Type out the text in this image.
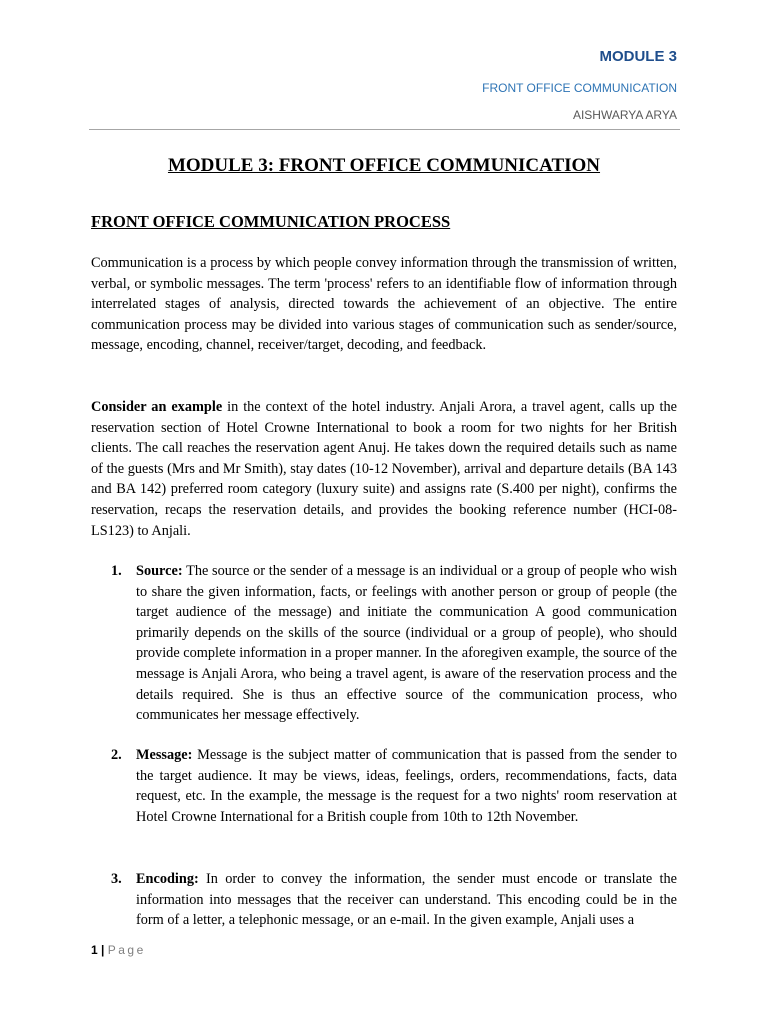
MODULE 3
FRONT OFFICE COMMUNICATION
AISHWARYA ARYA
MODULE 3: FRONT OFFICE COMMUNICATION
FRONT OFFICE COMMUNICATION PROCESS

Communication is a process by which people convey information through the transmission of written, verbal, or symbolic messages. The term 'process' refers to an identifiable flow of information through interrelated stages of analysis, directed towards the achievement of an objective. The entire communication process may be divided into various stages of communication such as sender/source, message, encoding, channel, receiver/target, decoding, and feedback.

Consider an example in the context of the hotel industry. Anjali Arora, a travel agent, calls up the reservation section of Hotel Crowne International to book a room for two nights for her British clients. The call reaches the reservation agent Anuj. He takes down the required details such as name of the guests (Mrs and Mr Smith), stay dates (10-12 November), arrival and departure details (BA 143 and BA 142) preferred room category (luxury suite) and assigns rate (S.400 per night), confirms the reservation, recaps the reservation details, and provides the booking reference number (HCI-08-LS123) to Anjali.

1. Source: The source or the sender of a message is an individual or a group of people who wish to share the given information, facts, or feelings with another person or group of people (the target audience of the message) and initiate the communication A good communication primarily depends on the skills of the source (individual or a group of people), who should provide complete information in a proper manner. In the aforegiven example, the source of the message is Anjali Arora, who being a travel agent, is aware of the reservation process and the details required. She is thus an effective source of the communication process, who communicates her message effectively.
2. Message: Message is the subject matter of communication that is passed from the sender to the target audience. It may be views, ideas, feelings, orders, recommendations, facts, data request, etc. In the example, the message is the request for a two nights' room reservation at Hotel Crowne International for a British couple from 10th to 12th November.
3. Encoding: In order to convey the information, the sender must encode or translate the information into messages that the receiver can understand. This encoding could be in the form of a letter, a telephonic message, or an e-mail. In the given example, Anjali uses a
1 | Page
